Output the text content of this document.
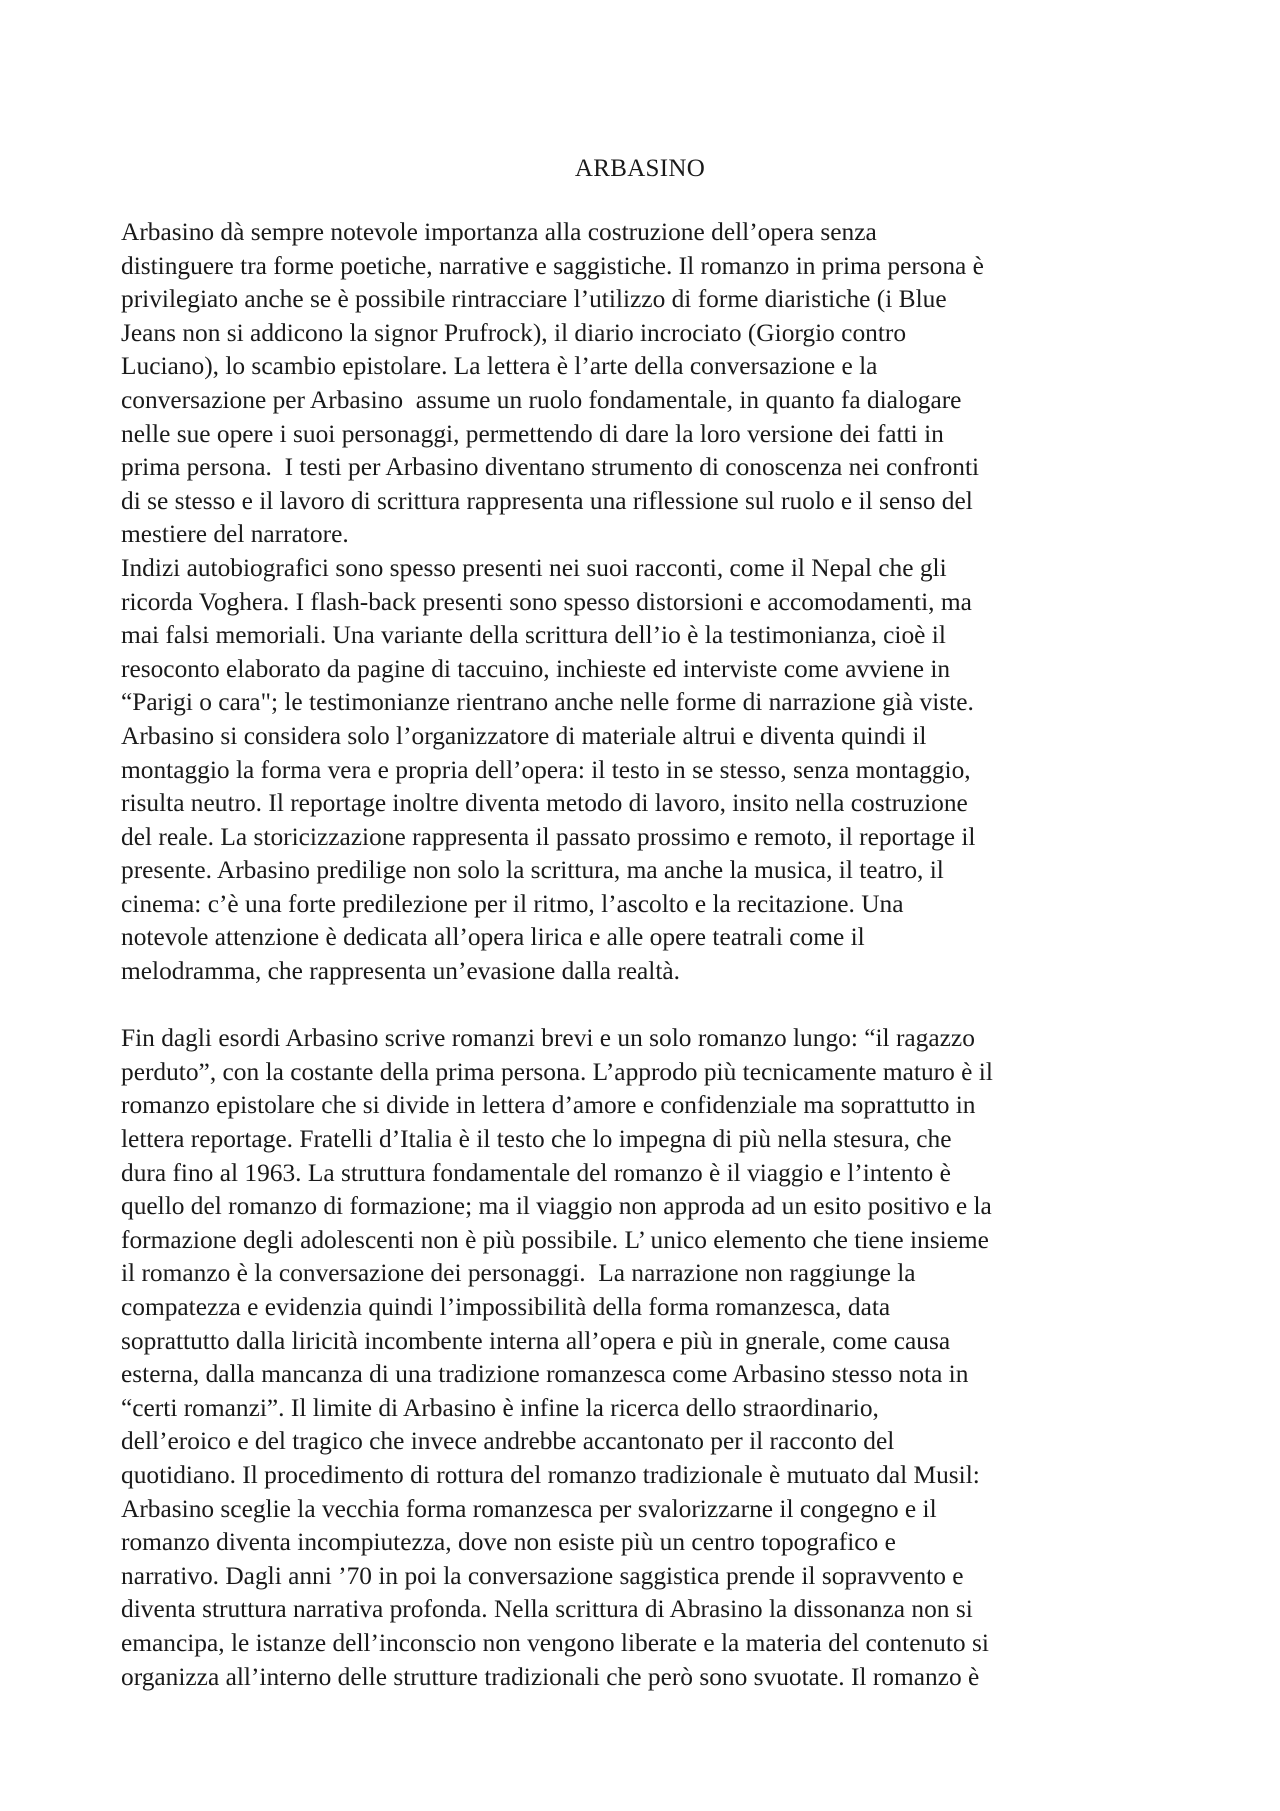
ARBASINO
Arbasino dà sempre notevole importanza alla costruzione dell’opera senza
distinguere tra forme poetiche, narrative e saggistiche. Il romanzo in prima persona è
privilegiato anche se è possibile rintracciare l’utilizzo di forme diaristiche (i Blue
Jeans non si addicono la signor Prufrock), il diario incrociato (Giorgio contro
Luciano), lo scambio epistolare. La lettera è l’arte della conversazione e la
conversazione per Arbasino  assume un ruolo fondamentale, in quanto fa dialogare
nelle sue opere i suoi personaggi, permettendo di dare la loro versione dei fatti in
prima persona.  I testi per Arbasino diventano strumento di conoscenza nei confronti
di se stesso e il lavoro di scrittura rappresenta una riflessione sul ruolo e il senso del
mestiere del narratore.
Indizi autobiografici sono spesso presenti nei suoi racconti, come il Nepal che gli
ricorda Voghera. I flash-back presenti sono spesso distorsioni e accomodamenti, ma
mai falsi memoriali. Una variante della scrittura dell’io è la testimonianza, cioè il
resoconto elaborato da pagine di taccuino, inchieste ed interviste come avviene in
“Parigi o cara"; le testimonianze rientrano anche nelle forme di narrazione già viste.
Arbasino si considera solo l’organizzatore di materiale altrui e diventa quindi il
montaggio la forma vera e propria dell’opera: il testo in se stesso, senza montaggio,
risulta neutro. Il reportage inoltre diventa metodo di lavoro, insito nella costruzione
del reale. La storicizzazione rappresenta il passato prossimo e remoto, il reportage il
presente. Arbasino predilige non solo la scrittura, ma anche la musica, il teatro, il
cinema: c’è una forte predilezione per il ritmo, l’ascolto e la recitazione. Una
notevole attenzione è dedicata all’opera lirica e alle opere teatrali come il
melodramma, che rappresenta un’evasione dalla realtà.
Fin dagli esordi Arbasino scrive romanzi brevi e un solo romanzo lungo: “il ragazzo
perduto”, con la costante della prima persona. L’approdo più tecnicamente maturo è il
romanzo epistolare che si divide in lettera d’amore e confidenziale ma soprattutto in
lettera reportage. Fratelli d’Italia è il testo che lo impegna di più nella stesura, che
dura fino al 1963. La struttura fondamentale del romanzo è il viaggio e l’intento è
quello del romanzo di formazione; ma il viaggio non approda ad un esito positivo e la
formazione degli adolescenti non è più possibile. L’ unico elemento che tiene insieme
il romanzo è la conversazione dei personaggi.  La narrazione non raggiunge la
compatezza e evidenzia quindi l’impossibilità della forma romanzesca, data
soprattutto dalla liricità incombente interna all’opera e più in gnerale, come causa
esterna, dalla mancanza di una tradizione romanzesca come Arbasino stesso nota in
“certi romanzi”. Il limite di Arbasino è infine la ricerca dello straordinario,
dell’eroico e del tragico che invece andrebbe accantonato per il racconto del
quotidiano. Il procedimento di rottura del romanzo tradizionale è mutuato dal Musil:
Arbasino sceglie la vecchia forma romanzesca per svalorizzarne il congegno e il
romanzo diventa incompiutezza, dove non esiste più un centro topografico e
narrativo. Dagli anni ’70 in poi la conversazione saggistica prende il sopravvento e
diventa struttura narrativa profonda. Nella scrittura di Abrasino la dissonanza non si
emancipa, le istanze dell’inconscio non vengono liberate e la materia del contenuto si
organizza all’interno delle strutture tradizionali che però sono svuotate. Il romanzo è
